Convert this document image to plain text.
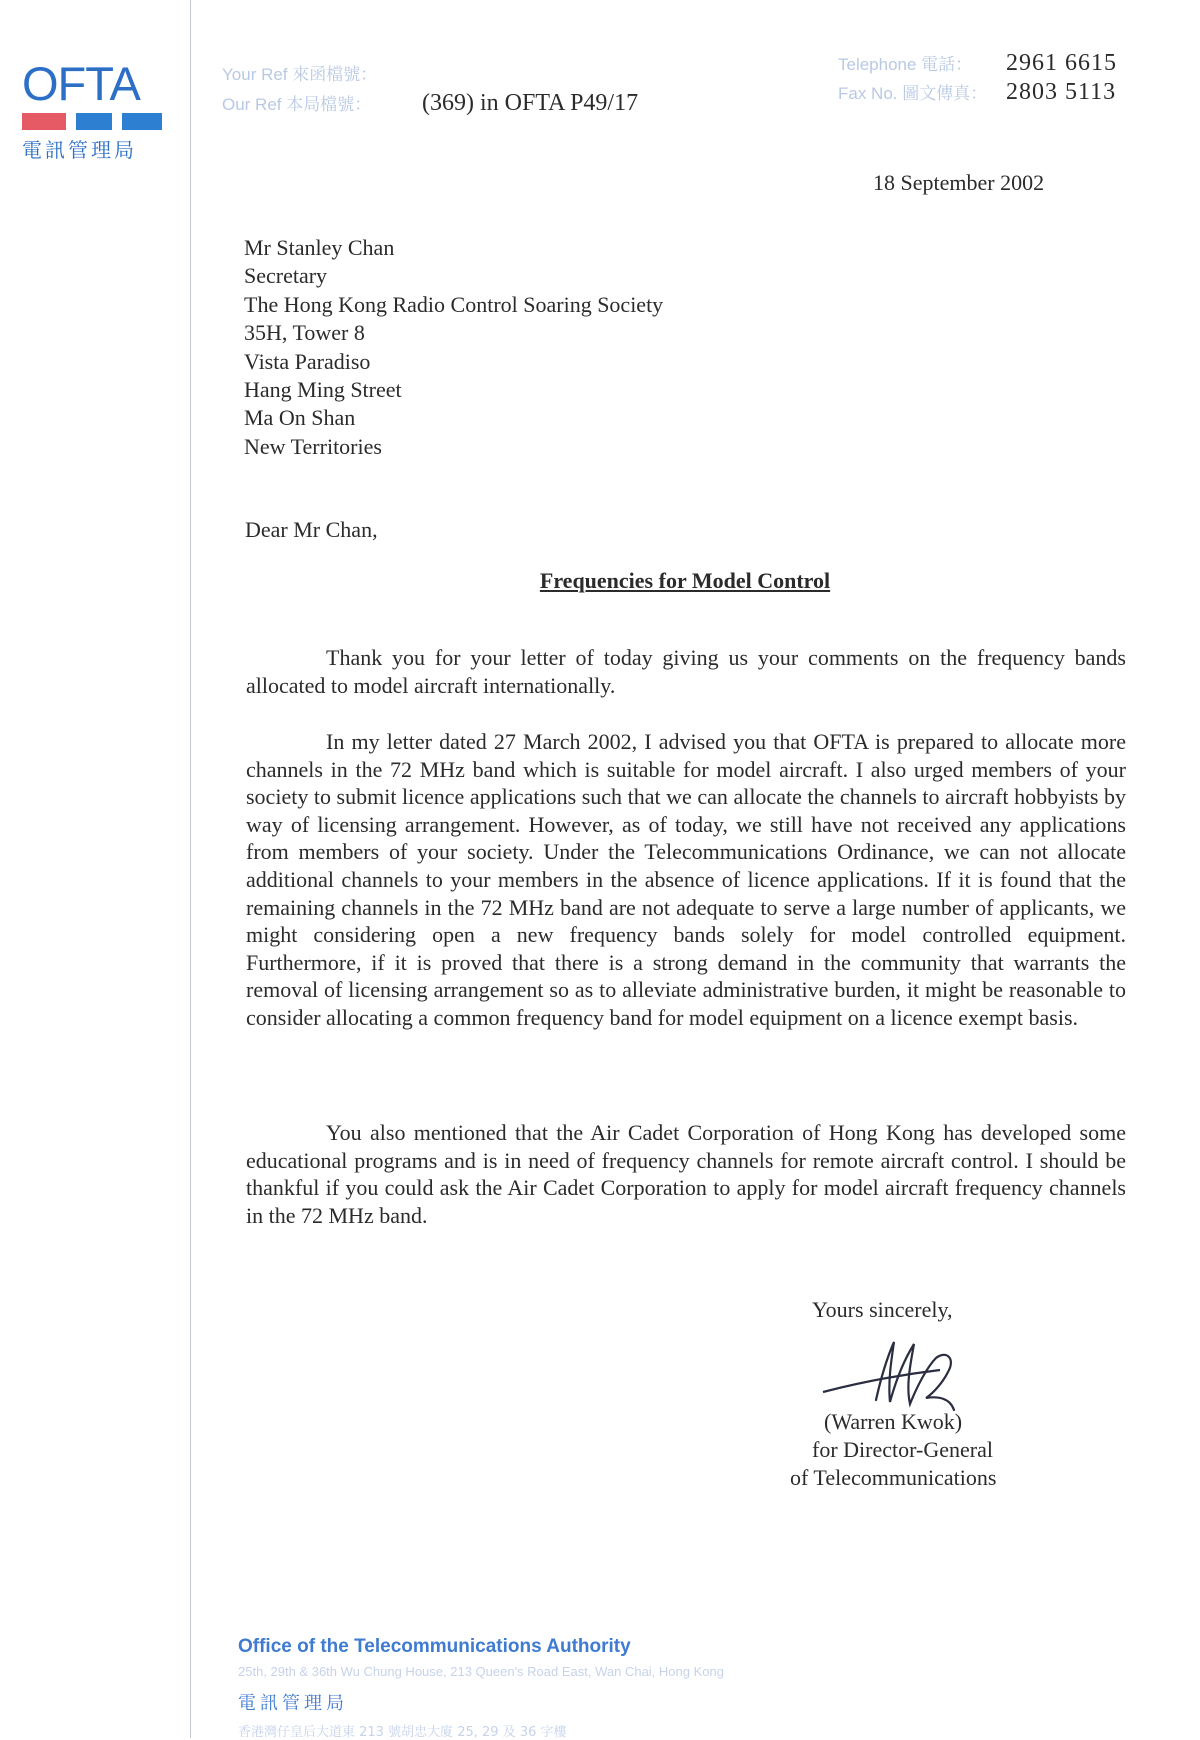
OFTA
電訊管理局
Your Ref 來函檔號：
Our Ref 本局檔號：	(369) in OFTA P49/17
Telephone 電話：	2961 6615
Fax No. 圖文傳真： 2803 5113
18 September 2002
Mr Stanley Chan
Secretary
The Hong Kong Radio Control Soaring Society
35H, Tower 8
Vista Paradiso
Hang Ming Street
Ma On Shan
New Territories
Dear Mr Chan,
Frequencies for Model Control

Thank you for your letter of today giving us your comments on the frequency bands allocated to model aircraft internationally.

In my letter dated 27 March 2002, I advised you that OFTA is prepared to allocate more channels in the 72 MHz band which is suitable for model aircraft. I also urged members of your society to submit licence applications such that we can allocate the channels to aircraft hobbyists by way of licensing arrangement. However, as of today, we still have not received any applications from members of your society. Under the Telecommunications Ordinance, we can not allocate additional channels to your members in the absence of licence applications. If it is found that the remaining channels in the 72 MHz band are not adequate to serve a large number of applicants, we might considering open a new frequency bands solely for model controlled equipment. Furthermore, if it is proved that there is a strong demand in the community that warrants the removal of licensing arrangement so as to alleviate administrative burden, it might be reasonable to consider allocating a common frequency band for model equipment on a licence exempt basis.

You also mentioned that the Air Cadet Corporation of Hong Kong has developed some educational programs and is in need of frequency channels for remote aircraft control. I should be thankful if you could ask the Air Cadet Corporation to apply for model aircraft frequency channels in the 72 MHz band.

Yours sincerely,
(Warren Kwok)
for Director-General
of Telecommunications
Office of the Telecommunications Authority
25th, 29th & 36th Wu Chung House, 213 Queen's Road East, Wan Chai, Hong Kong
電訊管理局
香港灣仔皇后大道東 213 號胡忠大廈 25, 29 及 36 字樓
